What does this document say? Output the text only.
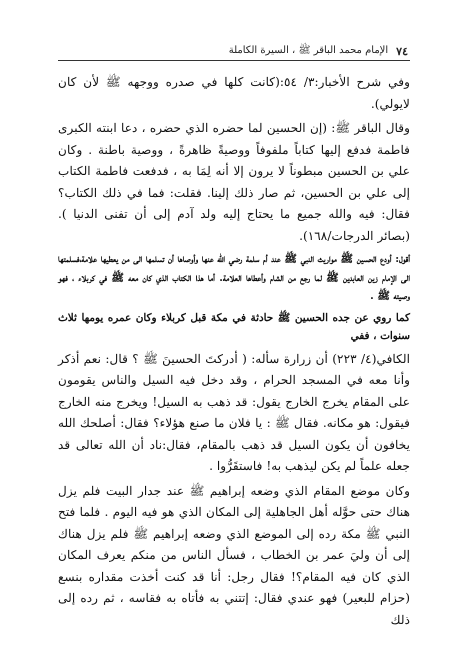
٧٤
الإمام محمد الباقر ﷺ ، السيرة الكاملة

وفي شرح الأخبار:٣/ ٥٤:(كانت كلها في صدره ووجهه ﷺ لأن كان لايولي).

وقال الباقر ﷺ: (إن الحسين لما حضره الذي حضره ، دعا ابنته الكبرى فاطمة فدفع إليها كتاباً ملفوفاً ووصيةً ظاهرةً ، ووصية باطنة . وكان علي بن الحسين مبطوناً لا يرون إلا أنه لِمَا به ، فدفعت فاطمة الكتاب إلى علي بن الحسين، ثم صار ذلك إلينا. فقلت: فما في ذلك الكتاب؟ فقال: فيه والله جميع ما يحتاج إليه ولد آدم إلى أن تفنى الدنيا ). (بصائر الدرجات/١٦٨).

أقول: أودع الحسين ﷺ مواريث النبي ﷺ عند أم سلمة رضي الله عنها وأوصاها أن تسلمها الى من يعطيها علامة،فسلمتها الى الإمام زين العابدين ﷺ لما رجع من الشام وأعطاها العلامة. أما هذا الكتاب الذي كان معه ﷺ في كربلاء ، فهو وصيته ﷺ .

كما روي عن جده الحسين ﷺ حادثة في مكة قبل كربلاء وكان عمره يومها ثلاث سنوات ، ففي

الكافي(٤/ ٢٢٣) أن زرارة سأله: ( أدركتَ الحسينَ ﷺ ؟ قال: نعم أذكر وأنا معه في المسجد الحرام ، وقد دخل فيه السيل والناس يقومون على المقام يخرج الخارج يقول: قد ذهب به السيل! ويخرج منه الخارج فيقول: هو مكانه. فقال ﷺ : يا فلان ما صنع هؤلاء؟ فقال: أصلحك الله يخافون أن يكون السيل قد ذهب بالمقام، فقال:ناد أن الله تعالى قد جعله علماً لم يكن ليذهب به! فاستقَرُّوا .

وكان موضع المقام الذي وضعه إبراهيم ﷺ عند جدار البيت فلم يزل هناك حتى حوَّله أهل الجاهلية إلى المكان الذي هو فيه اليوم . فلما فتح النبي ﷺ مكة رده إلى الموضع الذي وضعه إبراهيم ﷺ فلم يزل هناك إلى أن وليَ عمر بن الخطاب ، فسأل الناس من منكم يعرف المكان الذي كان فيه المقام؟! فقال رجل: أنا قد كنت أخذت مقداره بنسع (حزام للبعير) فهو عندي فقال: إتتني به فأتاه به فقاسه ، ثم رده إلى ذلك
